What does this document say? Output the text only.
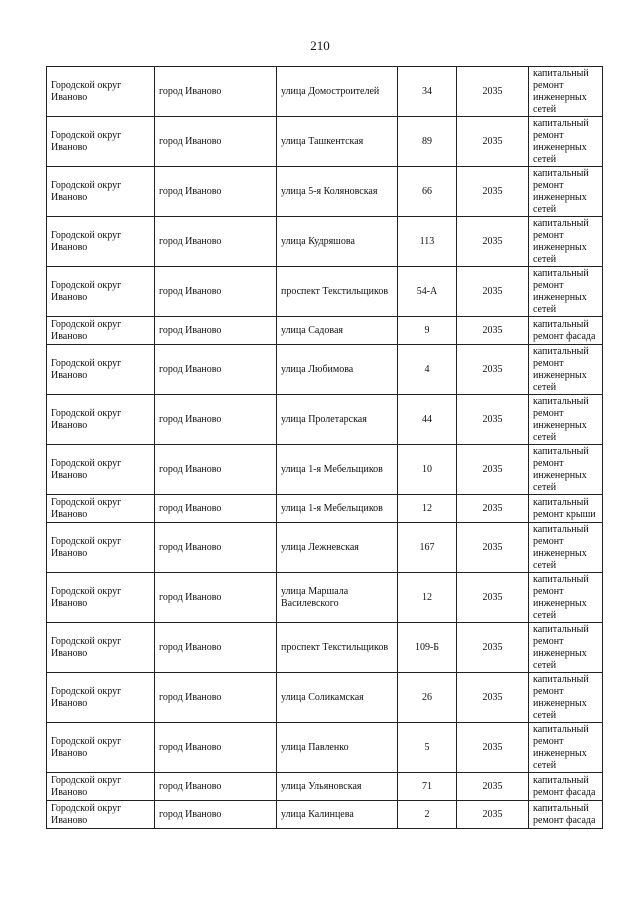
210
Городской округ Иваново	город Иваново	улица Домостроителей	34	2035	капитальный ремонт инженерных сетей
Городской округ Иваново	город Иваново	улица Ташкентская	89	2035	капитальный ремонт инженерных сетей
Городской округ Иваново	город Иваново	улица 5-я Коляновская	66	2035	капитальный ремонт инженерных сетей
Городской округ Иваново	город Иваново	улица Кудряшова	113	2035	капитальный ремонт инженерных сетей
Городской округ Иваново	город Иваново	проспект Текстильщиков	54-А	2035	капитальный ремонт инженерных сетей
Городской округ Иваново	город Иваново	улица Садовая	9	2035	капитальный ремонт фасада
Городской округ Иваново	город Иваново	улица Любимова	4	2035	капитальный ремонт инженерных сетей
Городской округ Иваново	город Иваново	улица Пролетарская	44	2035	капитальный ремонт инженерных сетей
Городской округ Иваново	город Иваново	улица 1-я Мебельщиков	10	2035	капитальный ремонт инженерных сетей
Городской округ Иваново	город Иваново	улица 1-я Мебельщиков	12	2035	капитальный ремонт крыши
Городской округ Иваново	город Иваново	улица Лежневская	167	2035	капитальный ремонт инженерных сетей
Городской округ Иваново	город Иваново	улица Маршала Василевского	12	2035	капитальный ремонт инженерных сетей
Городской округ Иваново	город Иваново	проспект Текстильщиков	109-Б	2035	капитальный ремонт инженерных сетей
Городской округ Иваново	город Иваново	улица Соликамская	26	2035	капитальный ремонт инженерных сетей
Городской округ Иваново	город Иваново	улица Павленко	5	2035	капитальный ремонт инженерных сетей
Городской округ Иваново	город Иваново	улица Ульяновская	71	2035	капитальный ремонт фасада
Городской округ Иваново	город Иваново	улица Калинцева	2	2035	капитальный ремонт фасада
